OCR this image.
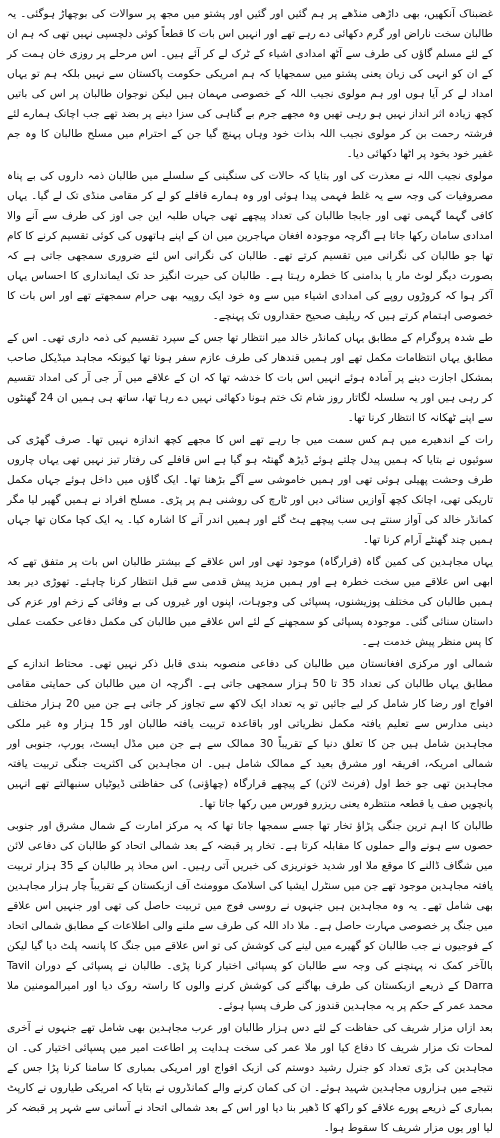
غضبناک آنکھیں، بھی داڑھی منڈھے پر ہم گئیں اور گئیں اور پشتو میں مجھ پر سوالات کی بوچھاڑ ہوگئی۔ یہ طالبان سخت ناراض اور گرم دکھائی دے رہے تھے اور انہیں اس بات کا قطعاً کوئی دلچسپی نہیں تھی کہ ہم ان کے لئے مسلم گاؤں کی طرف سے آٹھ امدادی اشیاء کے ٹرک لے کر آئے ہیں۔ اس مرحلے پر روزی خان ہمت کر کے ان کو انہی کی زبان یعنی پشتو میں سمجھایا کہ ہم امریکی حکومت پاکستان سے نہیں بلکہ ہم تو یہاں امداد لے کر آیا ہوں اور ہم مولوی نجیب اللہ کے خصوصی مہمان ہیں لیکن نوجوان طالبان پر اس کی باتیں کچھ زیادہ اثر انداز نہیں ہو رہی تھیں وہ مجھے جرم بے گناہی کی سزا دینے پر بضد تھے جب اچانک ہمارے لئے فرشتہ رحمت بن کر مولوی نجیب اللہ بذات خود وہاں پہنچ گیا جن کے احترام میں مسلح طالبان کا وہ جم غفیر خود بخود پر اٹھا دکھائی دیا۔

مولوی نجیب اللہ نے معذرت کی اور بتایا کہ حالات کی سنگینی کے سلسلے میں طالبان ذمہ داروں کی بے پناہ مصروفیات کی وجہ سے یہ غلط فہمی پیدا ہوئی اور وہ ہمارے قافلے کو لے کر مقامی منڈی تک لے گیا۔ یہاں کافی گہما گہمی تھی اور جابجا طالبان کی تعداد پیچھے تھی جہاں طلبہ این جی اوز کی طرف سے آنے والا امدادی سامان رکھا جاتا ہے اگرچہ موجودہ افغان مہاجرین میں ان کے اپنے ہاتھوں کی کوئی تقسیم کرنے کا کام تھا جو طالبان کی نگرانی میں تقسیم کرتے تھے۔ طالبان کی نگرانی اس لئے ضروری سمجھی جاتی ہے کہ بصورت دیگر لوٹ مار یا بدامنی کا خطرہ رہتا ہے۔ طالبان کی حیرت انگیز حد تک ایمانداری کا احساس یہاں آکر ہوا کہ کروڑوں روپے کی امدادی اشیاء میں سے وہ خود ایک روپیہ بھی حرام سمجھتے تھے اور اس بات کا خصوصی اہتمام کرتے ہیں کہ ریلیف صحیح حقداروں تک پہنچے۔

طے شدہ پروگرام کے مطابق یہاں کمانڈر خالد میر انتظار تھا جس کے سپرد تقسیم کی ذمہ داری تھی۔ اس کے مطابق یہاں انتظامات مکمل تھے اور ہمیں قندھار کی طرف عازم سفر ہونا تھا کیونکہ مجاہد میڈیکل صاحب بمشکل اجازت دینے پر آمادہ ہوئے انہیں اس بات کا خدشہ تھا کہ ان کے علاقے میں آر جی آر کی امداد تقسیم کر رہی ہیں اور یہ سلسلہ لگاتار روز شام تک ختم ہونا دکھائی نہیں دے رہا تھا، ساتھ ہی ہمیں ان 24 گھنٹوں سے اپنے ٹھکانہ کا انتظار کرنا تھا۔

رات کے اندھیرے میں ہم کس سمت میں جا رہے تھے اس کا مجھے کچھ اندازہ نہیں تھا۔ صرف گھڑی کی سوئیوں نے بتایا کہ ہمیں پیدل چلتے ہوئے ڈیڑھ گھنٹہ ہو گیا ہے اس قافلے کی رفتار تیز نہیں تھی یہاں چاروں طرف وحشت پھیلی ہوئی تھی اور ہمیں خاموشی سے آگے بڑھنا تھا۔ ایک گاؤں میں داخل ہوئے جہاں مکمل تاریکی تھی، اچانک کچھ آوازیں سنائی دیں اور ٹارچ کی روشنی ہم پر پڑی۔ مسلح افراد نے ہمیں گھیر لیا مگر کمانڈر خالد کی آواز سنتے ہی سب پیچھے ہٹ گئے اور ہمیں اندر آنے کا اشارہ کیا۔ یہ ایک کچا مکان تھا جہاں ہمیں چند گھنٹے آرام کرنا تھا۔

یہاں مجاہدین کی کمین گاہ (قرارگاہ) موجود تھی اور اس علاقے کے بیشتر طالبان اس بات پر متفق تھے کہ ابھی اس علاقے میں سخت خطرہ ہے اور ہمیں مزید پیش قدمی سے قبل انتظار کرنا چاہئے۔ تھوڑی دیر بعد ہمیں طالبان کی مختلف پوزیشنوں، پسپائی کی وجوہات، اپنوں اور غیروں کی بے وفائی کے زخم اور عزم کی داستان سنائی گئی۔ موجودہ پسپائی کو سمجھنے کے لئے اس علاقے میں طالبان کی مکمل دفاعی حکمت عملی کا پس منظر پیش خدمت ہے۔

شمالی اور مرکزی افغانستان میں طالبان کی دفاعی منصوبہ بندی قابل ذکر نہیں تھی۔ محتاط اندازے کے مطابق یہاں طالبان کی تعداد 35 تا 50 ہزار سمجھی جاتی ہے۔ اگرچہ ان میں طالبان کی حمایتی مقامی افواج اور رضا کار شامل کر لیے جائیں تو یہ تعداد ایک لاکھ سے تجاوز کر جاتی ہے جن میں 20 ہزار مختلف دینی مدارس سے تعلیم یافتہ مکمل نظریاتی اور باقاعدہ تربیت یافتہ طالبان اور 15 ہزار وہ غیر ملکی مجاہدین شامل ہیں جن کا تعلق دنیا کے تقریباً 30 ممالک سے ہے جن میں مڈل ایسٹ، یورپ، جنوبی اور شمالی امریکہ، افریقہ اور مشرق بعید کے ممالک شامل ہیں۔ ان مجاہدین کی اکثریت جنگی تربیت یافتہ مجاہدین تھی جو خط اول (فرنٹ لائن) کے پیچھے قرارگاہ (چھاؤنی) کی حفاظتی ڈیوٹیاں سنبھالتے تھے انہیں پانچویں صف یا قطعہ منتظرہ یعنی ریزرو فورس میں رکھا جاتا تھا۔

طالبان کا اہم ترین جنگی پڑاؤ تخار تھا جسے سمجھا جاتا تھا کہ یہ مرکز امارت کے شمال مشرق اور جنوبی حصوں سے ہونے والے حملوں کا مقابلہ کرتا ہے۔ تخار پر قبضہ کے بعد شمالی اتحاد کو طالبان کی دفاعی لائن میں شگاف ڈالنے کا موقع ملا اور شدید خونریزی کی خبریں آتی رہیں۔ اس محاذ پر طالبان کے 35 ہزار تربیت یافتہ مجاہدین موجود تھے جن میں سنٹرل ایشیا کی اسلامک موومنٹ آف ازبکستان کے تقریباً چار ہزار مجاہدین بھی شامل تھے۔ یہ وہ مجاہدین ہیں جنہوں نے روسی فوج میں تربیت حاصل کی تھی اور جنہیں اس علاقے میں جنگ پر خصوصی مہارت حاصل ہے۔ ملا داد اللہ کی طرف سے ملنے والی اطلاعات کے مطابق شمالی اتحاد کے فوجیوں نے جب طالبان کو گھیرے میں لینے کی کوشش کی تو اس علاقے میں جنگ کا پانسہ پلٹ دیا گیا لیکن بالآخر کمک نہ پہنچنے کی وجہ سے طالبان کو پسپائی اختیار کرنا پڑی۔ طالبان نے پسپائی کے دوران Tavil Darra کے ذریعے ازبکستان کی طرف بھاگنے کی کوشش کرنے والوں کا راستہ روک دیا اور امیرالمومنین ملا محمد عمر کے حکم پر یہ مجاہدین قندوز کی طرف پسپا ہوئے۔

بعد ازاں مزار شریف کی حفاظت کے لئے دس ہزار طالبان اور عرب مجاہدین بھی شامل تھے جنہوں نے آخری لمحات تک مزار شریف کا دفاع کیا اور ملا عمر کی سخت ہدایت پر اطاعت امیر میں پسپائی اختیار کی۔ ان مجاہدین کی بڑی تعداد کو جنرل رشید دوستم کی ازبک افواج اور امریکی بمباری کا سامنا کرنا پڑا جس کے نتیجے میں ہزاروں مجاہدین شہید ہوئے۔ ان کی کمان کرنے والے کمانڈروں نے بتایا کہ امریکی طیاروں نے کارپٹ بمباری کے ذریعے پورے علاقے کو راکھ کا ڈھیر بنا دیا اور اس کے بعد شمالی اتحاد نے آسانی سے شہر پر قبضہ کر لیا اور یوں مزار شریف کا سقوط ہوا۔
